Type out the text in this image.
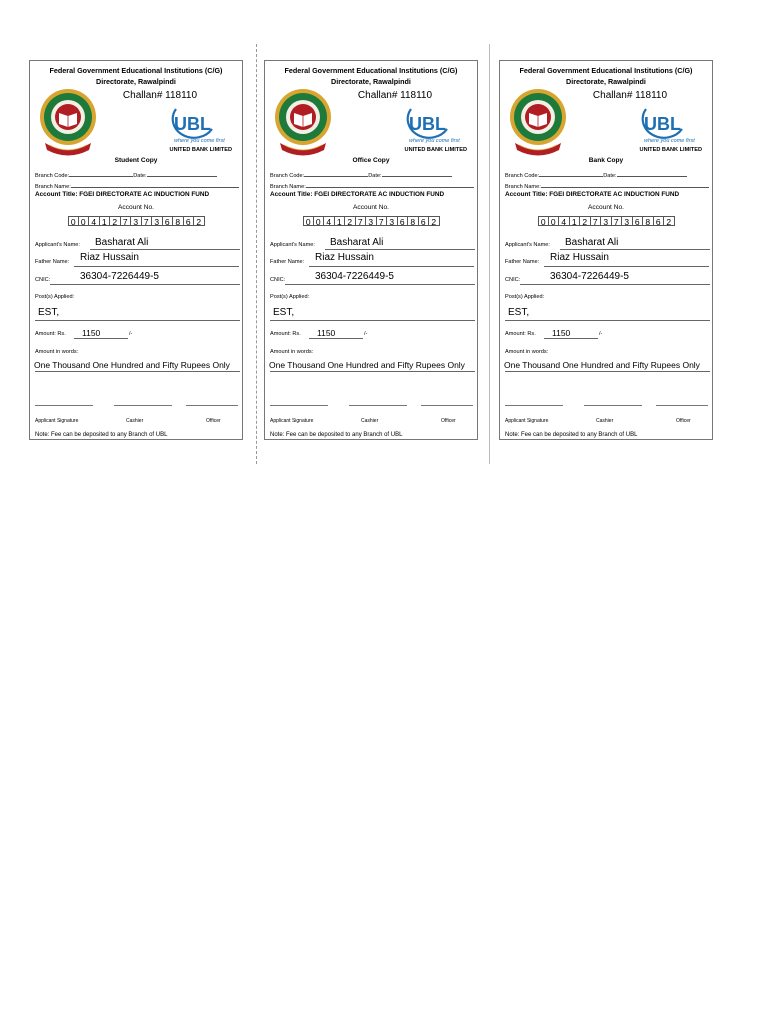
Federal Government Educational Institutions (C/G)
Directorate, Rawalpindi
Challan# 118110
UBL
where you come first
UNITED BANK LIMITED
Student Copy
Branch Code:	Date:
Branch Name:
Account Title: FGEI DIRECTORATE AC INDUCTION FUND
Account No.
0 0 4 1 2 7 3 7 3 6 8 6 2
Applicant's Name: Basharat Ali
Father Name: Riaz Hussain
CNIC:	36304-7226449-5
Post(s) Applied:
EST,
Amount: Rs. 1150	/-
Amount in words:
One Thousand One Hundred and Fifty Rupees Only
Applicant Signature	Cashier	Officer
Note: Fee can be deposited to any Branch of UBL
Federal Government Educational Institutions (C/G)
Directorate, Rawalpindi
Challan# 118110
UBL
where you come first
UNITED BANK LIMITED
Office Copy
Branch Code:	Date:
Branch Name:
Account Title: FGEI DIRECTORATE AC INDUCTION FUND
Account No.
0 0 4 1 2 7 3 7 3 6 8 6 2
Applicant's Name: Basharat Ali
Father Name: Riaz Hussain
CNIC:	36304-7226449-5
Post(s) Applied:
EST,
Amount: Rs. 1150	/-
Amount in words:
One Thousand One Hundred and Fifty Rupees Only
Applicant Signature	Cashier	Officer
Note: Fee can be deposited to any Branch of UBL
Federal Government Educational Institutions (C/G)
Directorate, Rawalpindi
Challan# 118110
UBL
where you come first
UNITED BANK LIMITED
Bank Copy
Branch Code:	Date:
Branch Name:
Account Title: FGEI DIRECTORATE AC INDUCTION FUND
Account No.
0 0 4 1 2 7 3 7 3 6 8 6 2
Applicant's Name: Basharat Ali
Father Name: Riaz Hussain
CNIC:	36304-7226449-5
Post(s) Applied:
EST,
Amount: Rs. 1150	/-
Amount in words:
One Thousand One Hundred and Fifty Rupees Only
Applicant Signature	Cashier	Officer
Note: Fee can be deposited to any Branch of UBL
